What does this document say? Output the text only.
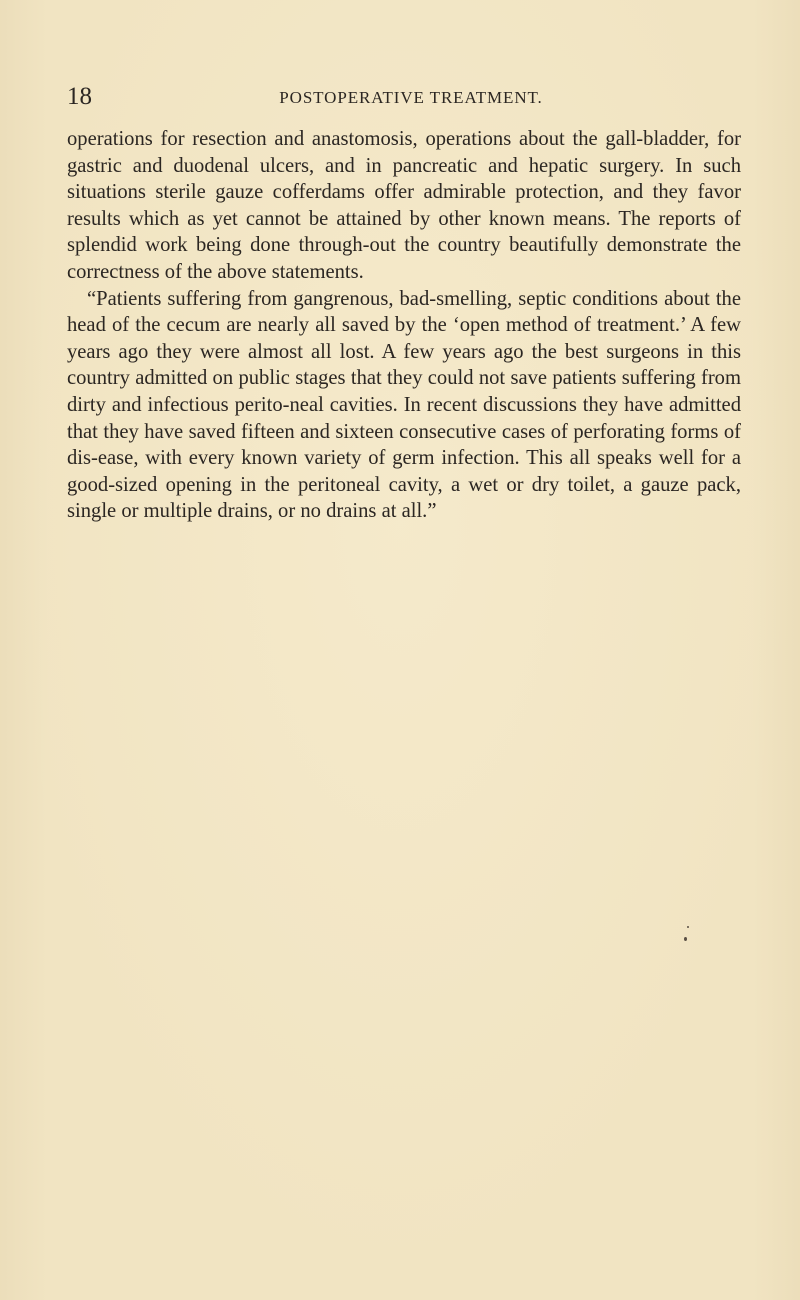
18	POSTOPERATIVE TREATMENT.

operations for resection and anastomosis, operations about the gall-bladder, for gastric and duodenal ulcers, and in pancreatic and hepatic surgery. In such situations sterile gauze cofferdams offer admirable protection, and they favor results which as yet cannot be attained by other known means. The reports of splendid work being done through-out the country beautifully demonstrate the correctness of the above statements.

“Patients suffering from gangrenous, bad-smelling, septic conditions about the head of the cecum are nearly all saved by the ‘open method of treatment.’ A few years ago they were almost all lost. A few years ago the best surgeons in this country admitted on public stages that they could not save patients suffering from dirty and infectious perito-neal cavities. In recent discussions they have admitted that they have saved fifteen and sixteen consecutive cases of perforating forms of dis-ease, with every known variety of germ infection. This all speaks well for a good-sized opening in the peritoneal cavity, a wet or dry toilet, a gauze pack, single or multiple drains, or no drains at all.”
